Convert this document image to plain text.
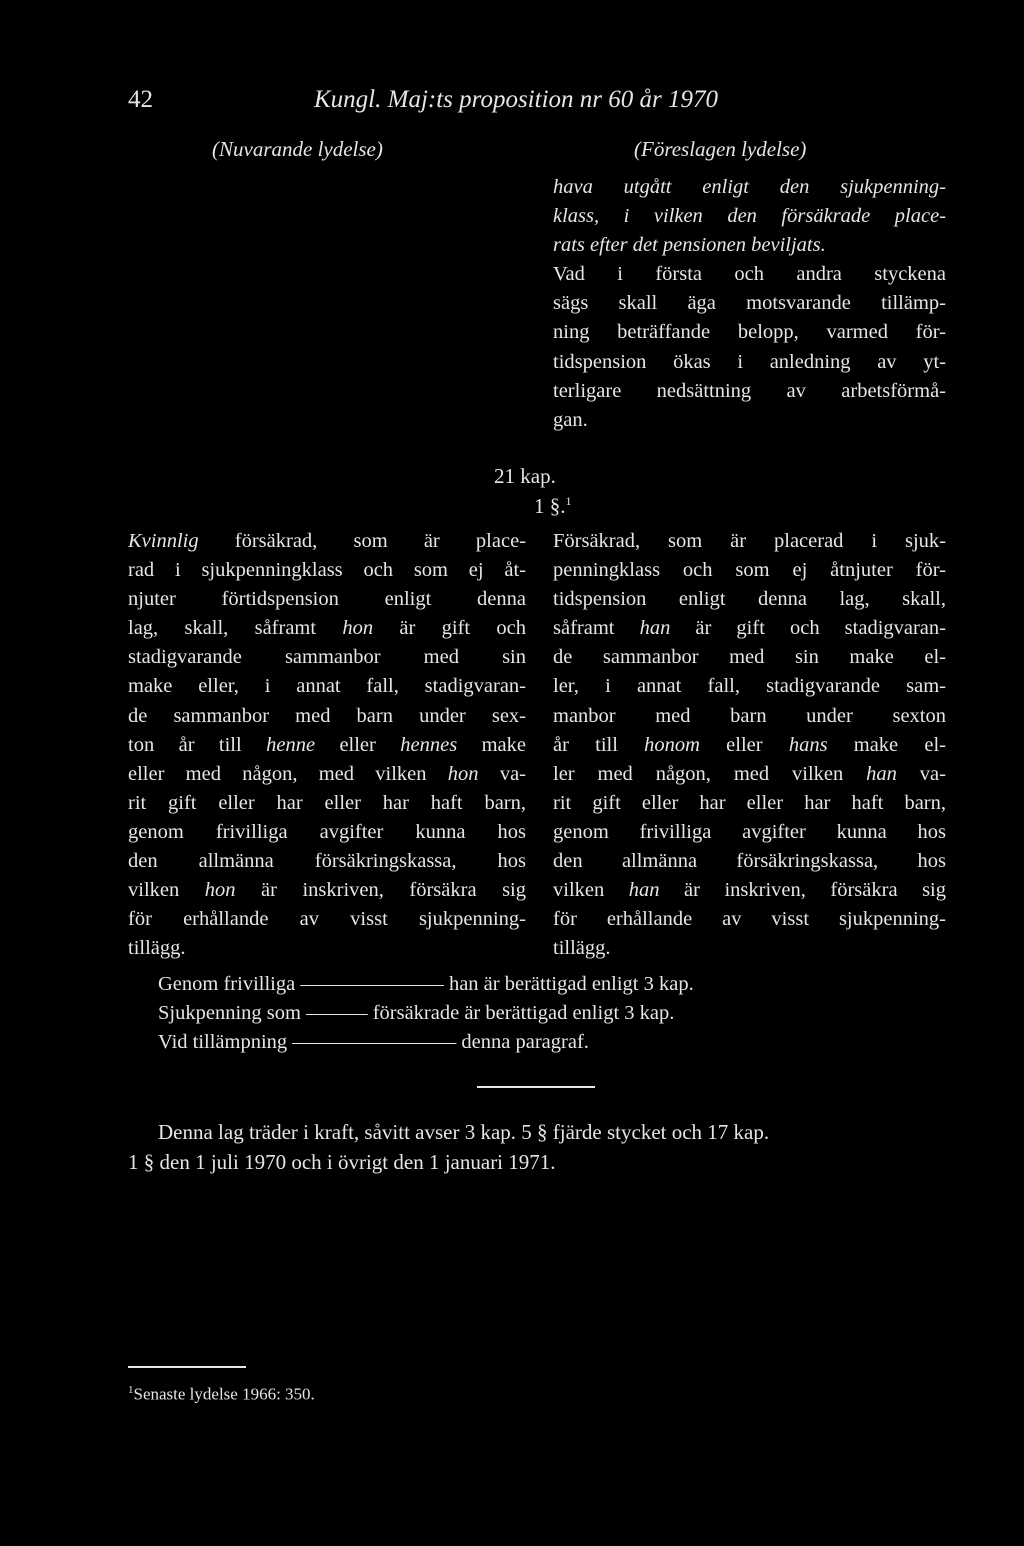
42	Kungl. Maj:ts proposition nr 60 år 1970
(Nuvarande lydelse)	(Föreslagen lydelse)
hava utgått enligt den sjukpenning-
klass, i vilken den försäkrade place-
rats efter det pensionen beviljats.
Vad i första och andra styckena
sägs skall äga motsvarande tillämp-
ning beträffande belopp, varmed för-
tidspension ökas i anledning av yt-
terligare nedsättning av arbetsförmå-
gan.
21 kap.
1 §.$^1$
Kvinnlig försäkrad, som är place-
rad i sjukpenningklass och som ej åt-
njuter förtidspension enligt denna
lag, skall, såframt hon är gift och
stadigvarande sammanbor med sin
make eller, i annat fall, stadigvaran-
de sammanbor med barn under sex-
ton år till henne eller hennes make
eller med någon, med vilken hon va-
rit gift eller har eller har haft barn,
genom frivilliga avgifter kunna hos
den allmänna försäkringskassa, hos
vilken hon är inskriven, försäkra sig
för erhållande av visst sjukpenning-
tillägg.
Försäkrad, som är placerad i sjuk-
penningklass och som ej åtnjuter för-
tidspension enligt denna lag, skall,
såframt han är gift och stadigvaran-
de sammanbor med sin make el-
ler, i annat fall, stadigvarande sam-
manbor med barn under sexton
år till honom eller hans make el-
ler med någon, med vilken han va-
rit gift eller har eller har haft barn,
genom frivilliga avgifter kunna hos
den allmänna försäkringskassa, hos
vilken han är inskriven, försäkra sig
för erhållande av visst sjukpenning-
tillägg.
Genom frivilliga ——————— han är berättigad enligt 3 kap.
Sjukpenning som ——— försäkrade är berättigad enligt 3 kap.
Vid tillämpning ———————— denna paragraf.
Denna lag träder i kraft, såvitt avser 3 kap. 5 § fjärde stycket och 17 kap.
1 § den 1 juli 1970 och i övrigt den 1 januari 1971.
$^1$Senaste lydelse 1966: 350.
